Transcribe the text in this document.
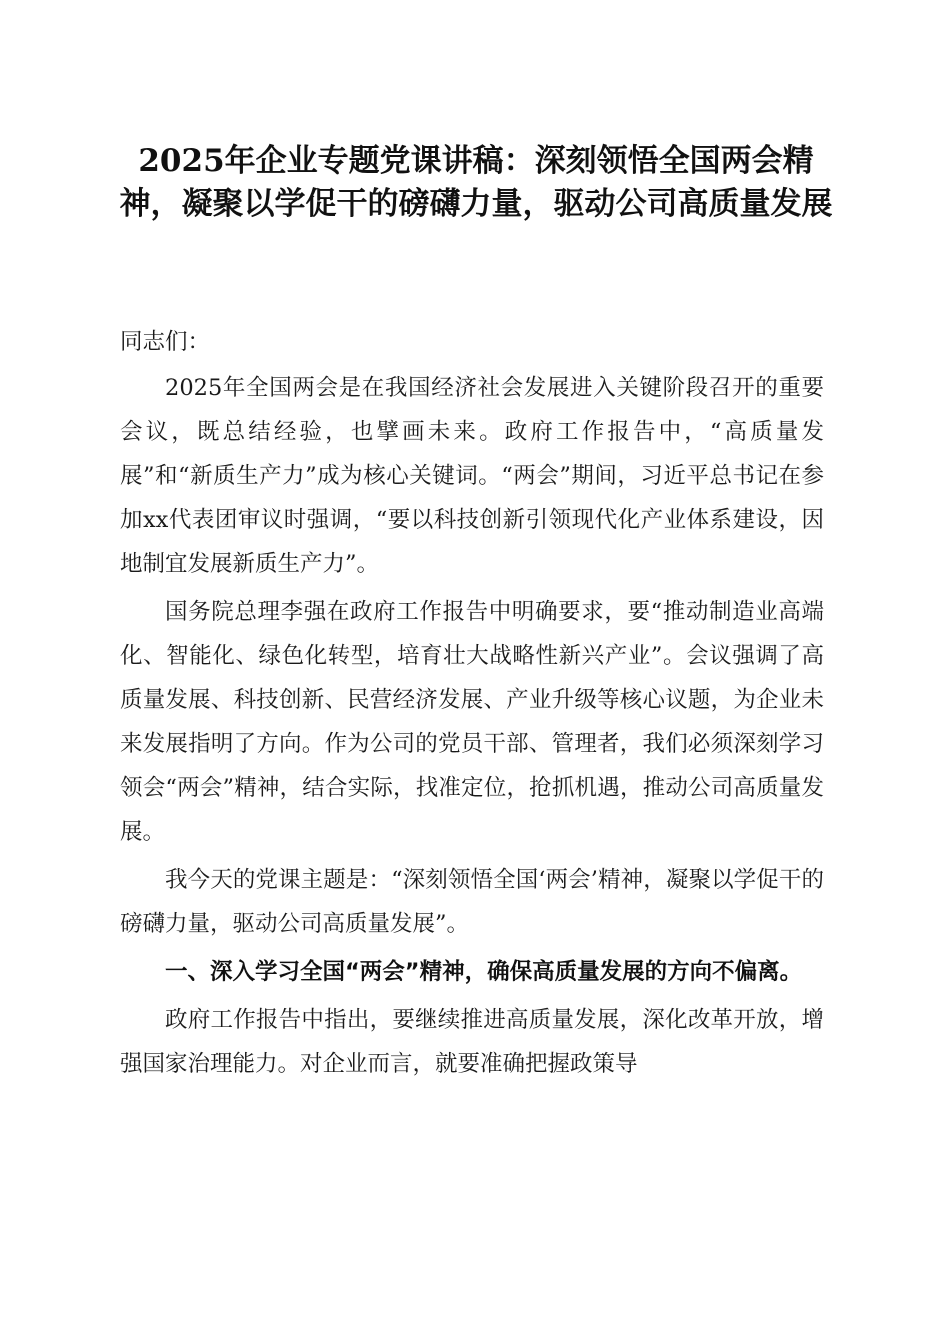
2025年企业专题党课讲稿：深刻领悟全国两会精神，凝聚以学促干的磅礴力量，驱动公司高质量发展

同志们：

2025年全国两会是在我国经济社会发展进入关键阶段召开的重要会议，既总结经验，也擘画未来。政府工作报告中，“高质量发展”和“新质生产力”成为核心关键词。“两会”期间，习近平总书记在参加xx代表团审议时强调，“要以科技创新引领现代化产业体系建设，因地制宜发展新质生产力”。

国务院总理李强在政府工作报告中明确要求，要“推动制造业高端化、智能化、绿色化转型，培育壮大战略性新兴产业”。会议强调了高质量发展、科技创新、民营经济发展、产业升级等核心议题，为企业未来发展指明了方向。作为公司的党员干部、管理者，我们必须深刻学习领会“两会”精神，结合实际，找准定位，抢抓机遇，推动公司高质量发展。

我今天的党课主题是：“深刻领悟全国‘两会’精神，凝聚以学促干的磅礴力量，驱动公司高质量发展”。

一、深入学习全国“两会”精神，确保高质量发展的方向不偏离。

政府工作报告中指出，要继续推进高质量发展，深化改革开放，增强国家治理能力。对企业而言，就要准确把握政策导
